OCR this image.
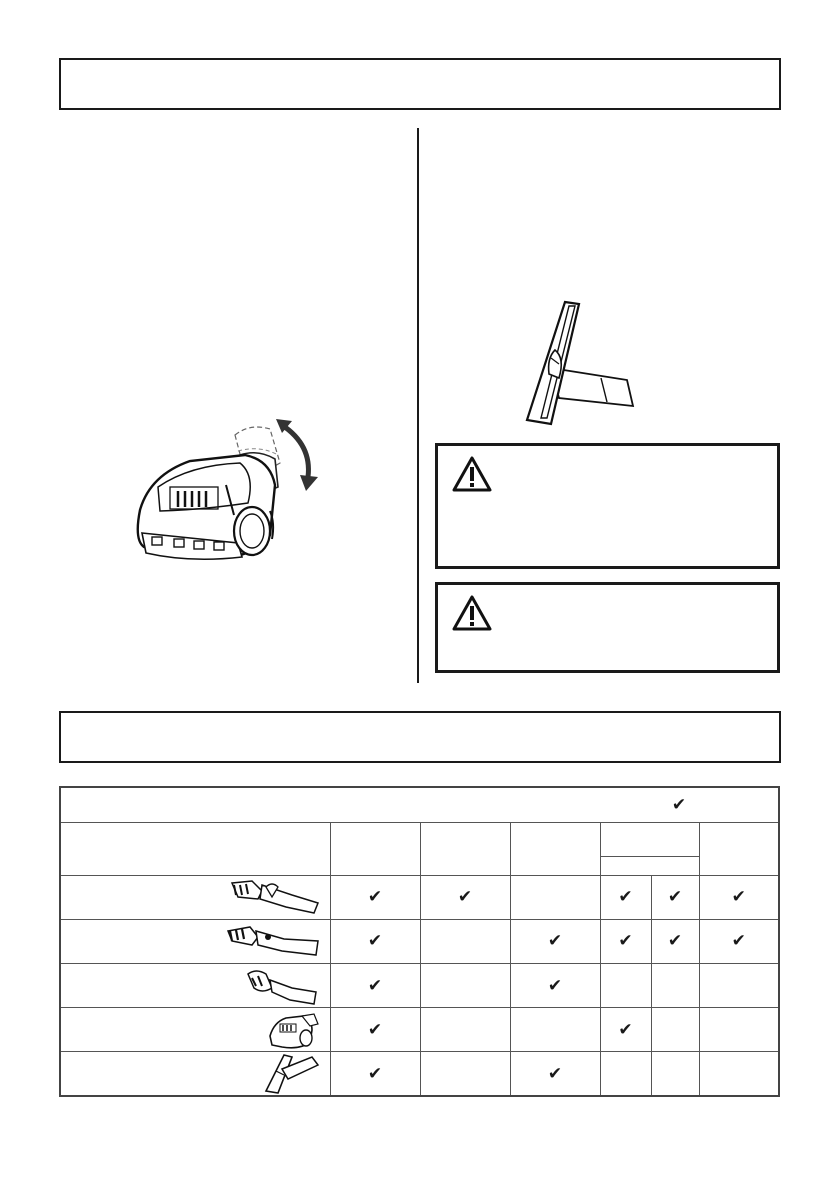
✔						

	✔	✔		✔	✔	✔
	✔		✔	✔	✔	✔
	✔		✔			
	✔			✔		
	✔		✔			
